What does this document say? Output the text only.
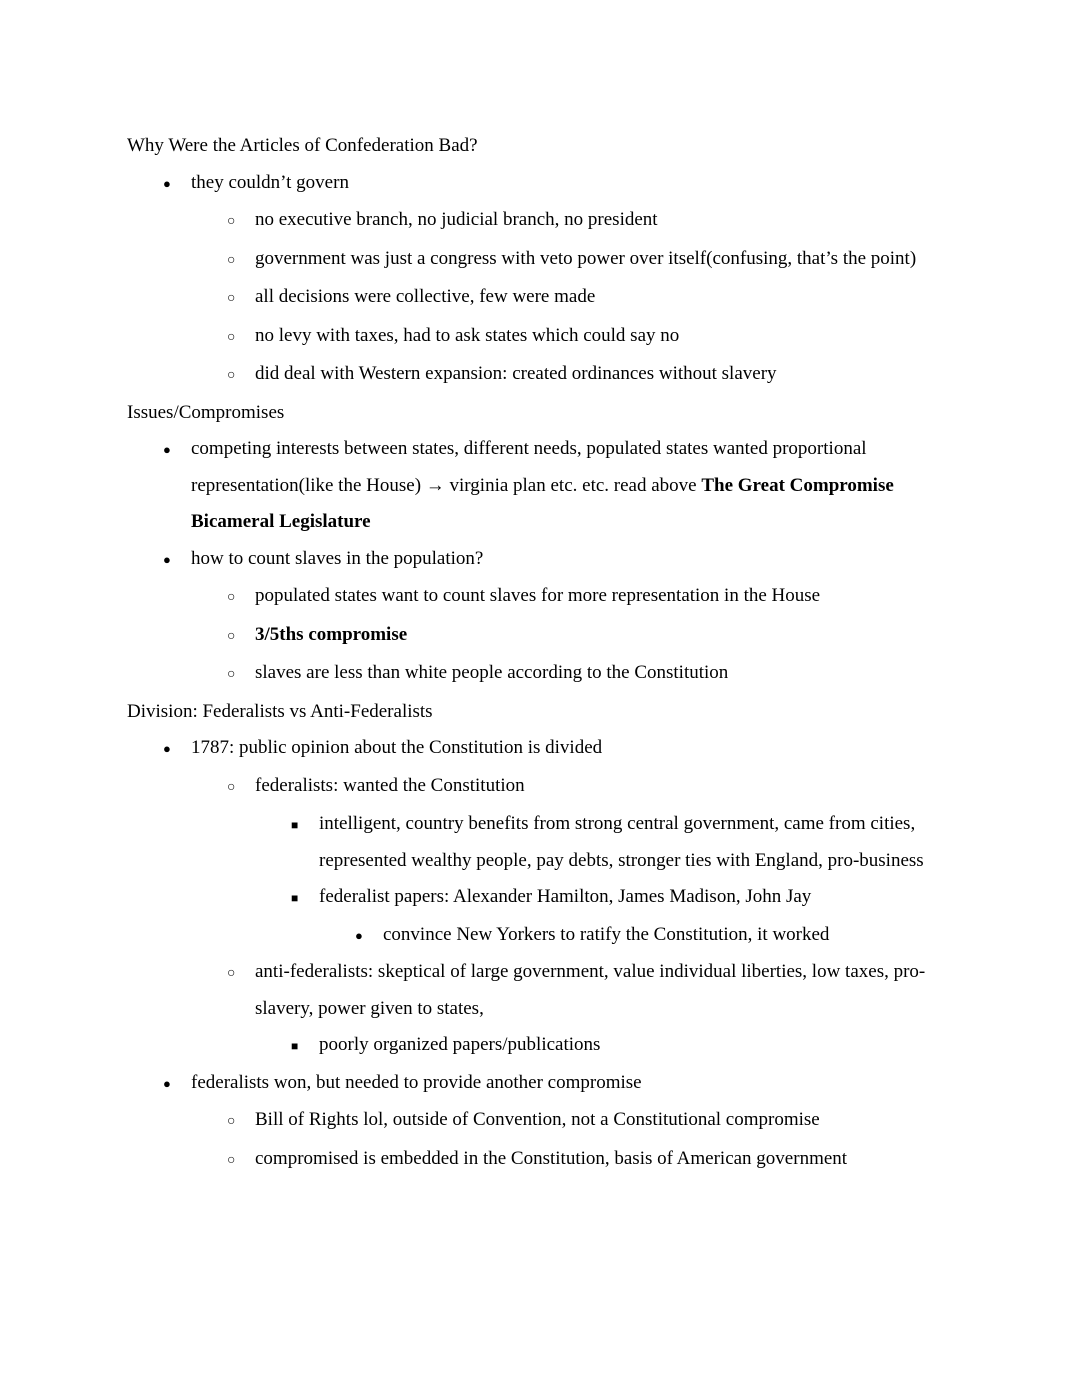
Why Were the Articles of Confederation Bad?
●
they couldn’t govern
○
no executive branch, no judicial branch, no president
○
government was just a congress with veto power over itself(confusing, that’s the point)
○
all decisions were collective, few were made
○
no levy with taxes, had to ask states which could say no
○
did deal with Western expansion: created ordinances without slavery
Issues/Compromises
●
competing interests between states, different needs, populated states wanted proportional representation(like the House) → virginia plan etc. etc. read above The Great Compromise Bicameral Legislature
●
how to count slaves in the population?
○
populated states want to count slaves for more representation in the House
○
3/5ths compromise
○
slaves are less than white people according to the Constitution
Division: Federalists vs Anti-Federalists
●
1787: public opinion about the Constitution is divided
○
federalists: wanted the Constitution
■
intelligent, country benefits from strong central government, came from cities, represented wealthy people, pay debts, stronger ties with England, pro-business
■
federalist papers: Alexander Hamilton, James Madison, John Jay
●
convince New Yorkers to ratify the Constitution, it worked
○
anti-federalists: skeptical of large government, value individual liberties, low taxes, pro-slavery, power given to states,
■
poorly organized papers/publications
●
federalists won, but needed to provide another compromise
○
Bill of Rights lol, outside of Convention, not a Constitutional compromise
○
compromised is embedded in the Constitution, basis of American government
